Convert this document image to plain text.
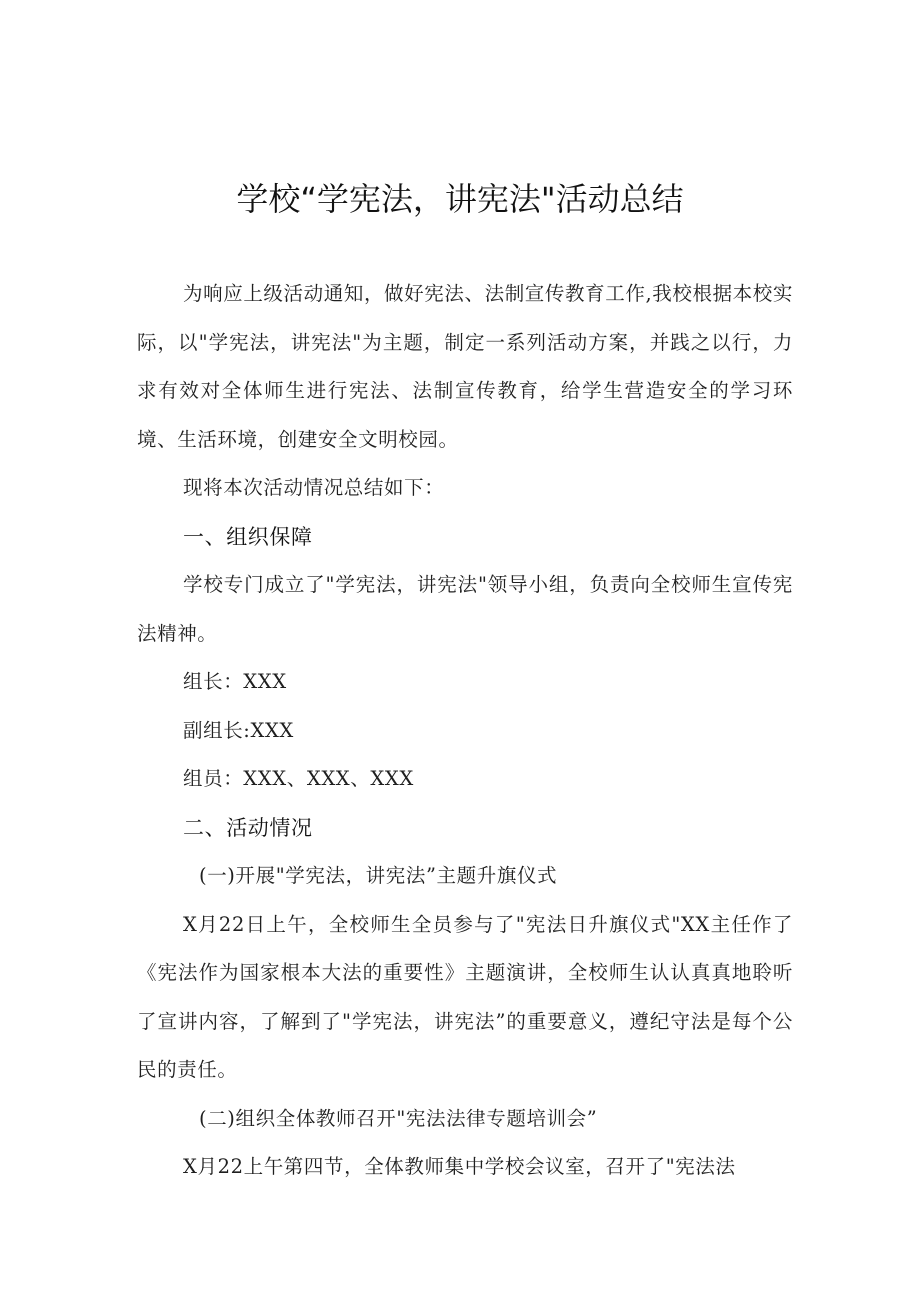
学校“学宪法，讲宪法"活动总结

为响应上级活动通知，做好宪法、法制宣传教育工作,我校根据本校实际，以"学宪法，讲宪法"为主题，制定一系列活动方案，并践之以行，力求有效对全体师生进行宪法、法制宣传教育，给学生营造安全的学习环境、生活环境，创建安全文明校园。

现将本次活动情况总结如下：

一、组织保障

学校专门成立了"学宪法，讲宪法"领导小组，负责向全校师生宣传宪法精神。

组长：XXX

副组长:XXX

组员：XXX、XXX、XXX

二、活动情况

(一)开展"学宪法，讲宪法”主题升旗仪式

X月22日上午，全校师生全员参与了"宪法日升旗仪式"XX主任作了《宪法作为国家根本大法的重要性》主题演讲，全校师生认认真真地聆听了宣讲内容，了解到了"学宪法，讲宪法”的重要意义，遵纪守法是每个公民的责任。

(二)组织全体教师召开"宪法法律专题培训会”

X月22上午第四节，全体教师集中学校会议室，召开了"宪法法
